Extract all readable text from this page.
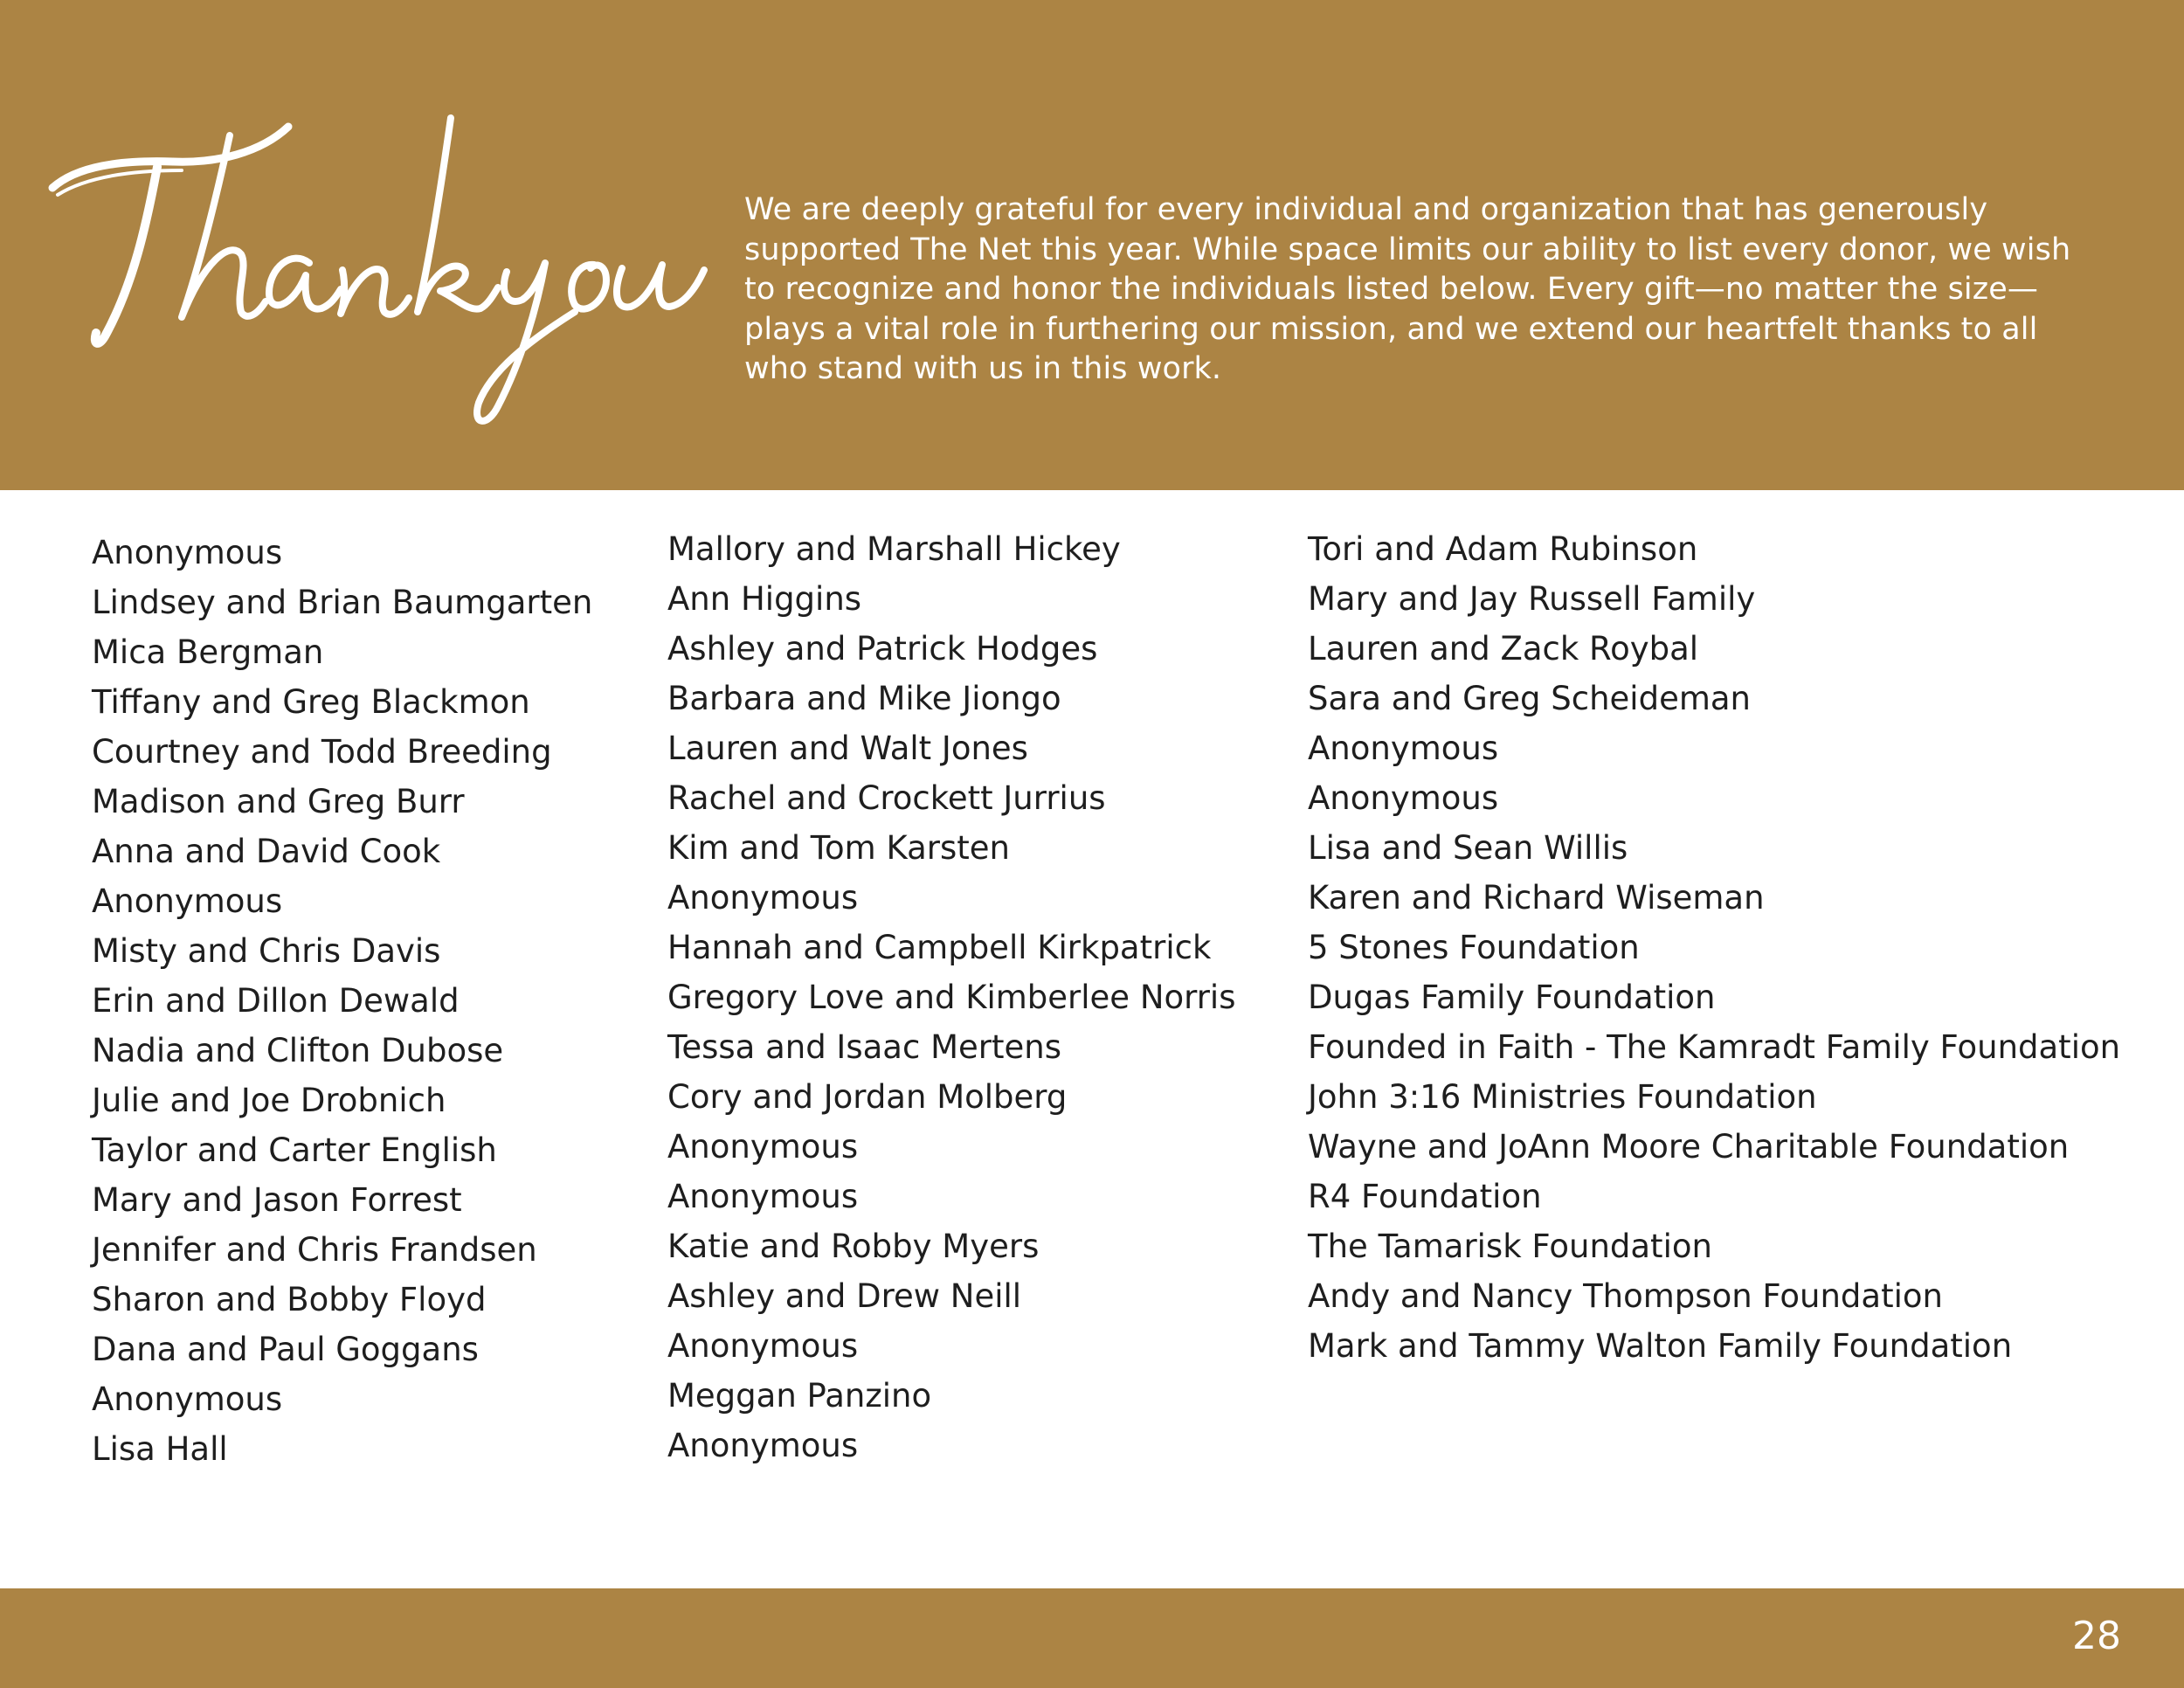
We are deeply grateful for every individual and organization that has generously supported The Net this year. While space limits our ability to list every donor, we wish to recognize and honor the individuals listed below. Every gift—no matter the size—plays a vital role in furthering our mission, and we extend our heartfelt thanks to all who stand with us in this work.

Anonymous
Lindsey and Brian Baumgarten
Mica Bergman
Tiffany and Greg Blackmon
Courtney and Todd Breeding
Madison and Greg Burr
Anna and David Cook
Anonymous
Misty and Chris Davis
Erin and Dillon Dewald
Nadia and Clifton Dubose
Julie and Joe Drobnich
Taylor and Carter English
Mary and Jason Forrest
Jennifer and Chris Frandsen
Sharon and Bobby Floyd
Dana and Paul Goggans
Anonymous
Lisa Hall
Mallory and Marshall Hickey
Ann Higgins
Ashley and Patrick Hodges
Barbara and Mike Jiongo
Lauren and Walt Jones
Rachel and Crockett Jurrius
Kim and Tom Karsten
Anonymous
Hannah and Campbell Kirkpatrick
Gregory Love and Kimberlee Norris
Tessa and Isaac Mertens
Cory and Jordan Molberg
Anonymous
Anonymous
Katie and Robby Myers
Ashley and Drew Neill
Anonymous
Meggan Panzino
Anonymous
Tori and Adam Rubinson
Mary and Jay Russell Family
Lauren and Zack Roybal
Sara and Greg Scheideman
Anonymous
Anonymous
Lisa and Sean Willis
Karen and Richard Wiseman
5 Stones Foundation
Dugas Family Foundation
Founded in Faith - The Kamradt Family Foundation
John 3:16 Ministries Foundation
Wayne and JoAnn Moore Charitable Foundation
R4 Foundation
The Tamarisk Foundation
Andy and Nancy Thompson Foundation
Mark and Tammy Walton Family Foundation
28
